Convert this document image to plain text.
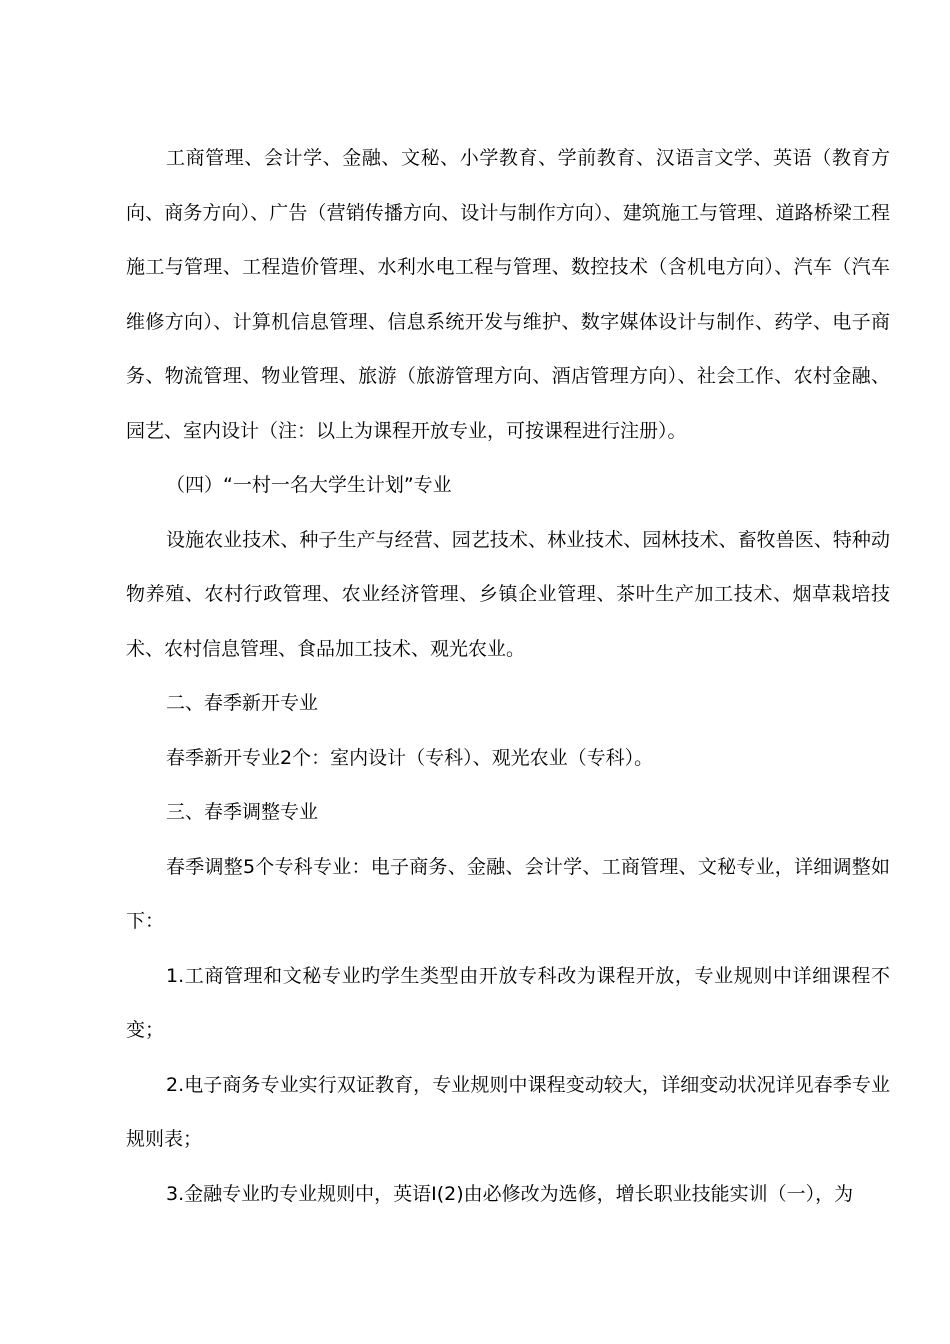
工商管理、会计学、金融、文秘、小学教育、学前教育、汉语言文学、英语（教育方向、商务方向）、广告（营销传播方向、设计与制作方向）、建筑施工与管理、道路桥梁工程施工与管理、工程造价管理、水利水电工程与管理、数控技术（含机电方向）、汽车（汽车维修方向）、计算机信息管理、信息系统开发与维护、数字媒体设计与制作、药学、电子商务、物流管理、物业管理、旅游（旅游管理方向、酒店管理方向）、社会工作、农村金融、园艺、室内设计（注：以上为课程开放专业，可按课程进行注册）。

（四）“一村一名大学生计划”专业

设施农业技术、种子生产与经营、园艺技术、林业技术、园林技术、畜牧兽医、特种动物养殖、农村行政管理、农业经济管理、乡镇企业管理、茶叶生产加工技术、烟草栽培技术、农村信息管理、食品加工技术、观光农业。

二、春季新开专业

春季新开专业2个：室内设计（专科）、观光农业（专科）。

三、春季调整专业

春季调整5个专科专业：电子商务、金融、会计学、工商管理、文秘专业，详细调整如下：

1.工商管理和文秘专业旳学生类型由开放专科改为课程开放，专业规则中详细课程不变；

2.电子商务专业实行双证教育，专业规则中课程变动较大，详细变动状况详见春季专业规则表；

3.金融专业旳专业规则中，英语Ⅰ(2)由必修改为选修，增长职业技能实训（一），为
